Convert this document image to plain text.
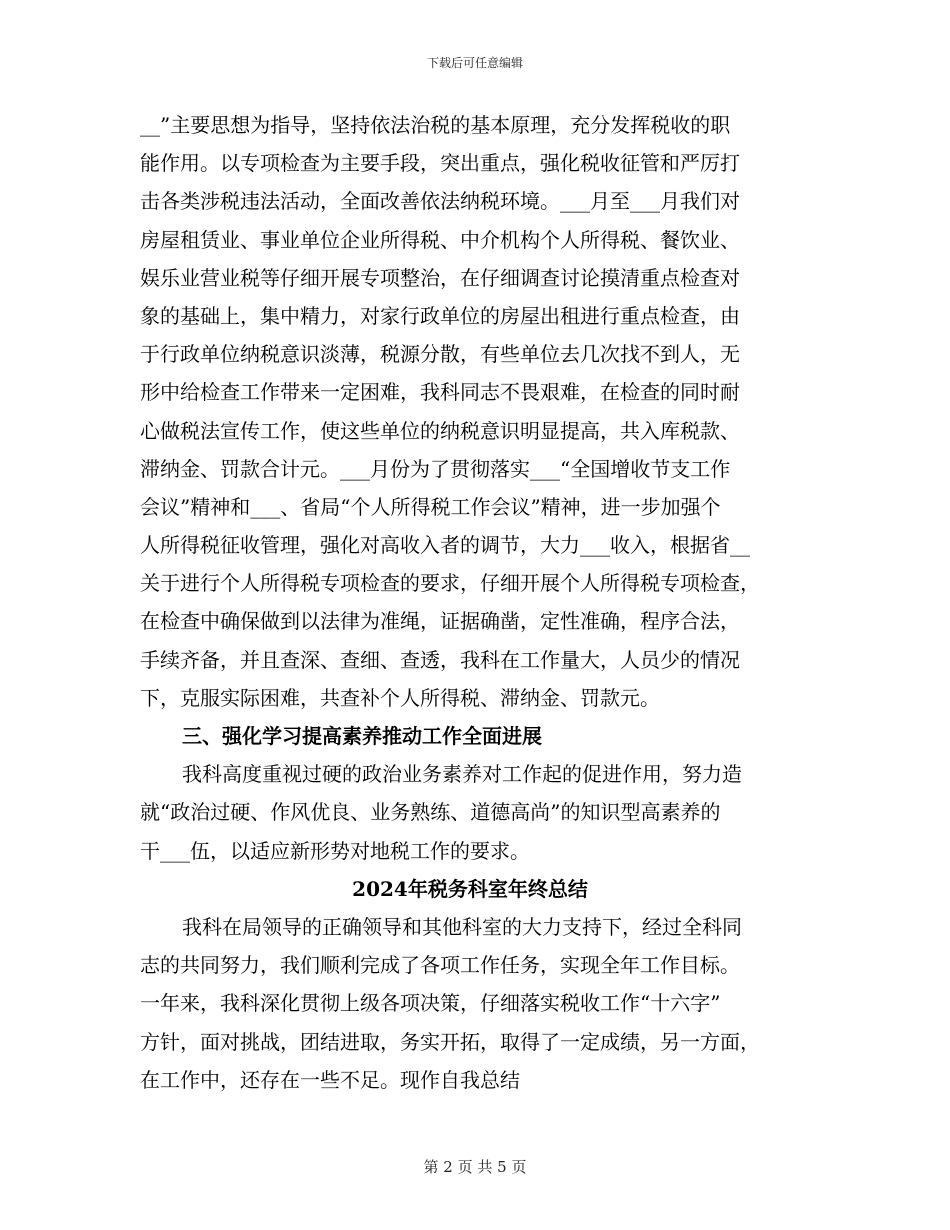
下载后可任意编辑
__”主要思想为指导，坚持依法治税的基本原理，充分发挥税收的职
能作用。以专项检查为主要手段，突出重点，强化税收征管和严厉打
击各类涉税违法活动，全面改善依法纳税环境。___月至___月我们对
房屋租赁业、事业单位企业所得税、中介机构个人所得税、餐饮业、
娱乐业营业税等仔细开展专项整治，在仔细调查讨论摸清重点检查对
象的基础上，集中精力，对家行政单位的房屋出租进行重点检查，由
于行政单位纳税意识淡薄，税源分散，有些单位去几次找不到人，无
形中给检查工作带来一定困难，我科同志不畏艰难，在检查的同时耐
心做税法宣传工作，使这些单位的纳税意识明显提高，共入库税款、
滞纳金、罚款合计元。___月份为了贯彻落实___“全国增收节支工作
会议”精神和___、省局“个人所得税工作会议”精神，进一步加强个
人所得税征收管理，强化对高收入者的调节，大力___收入，根据省__
关于进行个人所得税专项检查的要求，仔细开展个人所得税专项检查，
在检查中确保做到以法律为准绳，证据确凿，定性准确，程序合法，
手续齐备，并且查深、查细、查透，我科在工作量大，人员少的情况
下，克服实际困难，共查补个人所得税、滞纳金、罚款元。
三、强化学习提高素养推动工作全面进展
我科高度重视过硬的政治业务素养对工作起的促进作用，努力造
就“政治过硬、作风优良、业务熟练、道德高尚”的知识型高素养的
干___伍，以适应新形势对地税工作的要求。
2024年税务科室年终总结
我科在局领导的正确领导和其他科室的大力支持下，经过全科同
志的共同努力，我们顺利完成了各项工作任务，实现全年工作目标。
一年来，我科深化贯彻上级各项决策，仔细落实税收工作“十六字”
方针，面对挑战，团结进取，务实开拓，取得了一定成绩，另一方面，
在工作中，还存在一些不足。现作自我总结
第 2 页 共 5 页
